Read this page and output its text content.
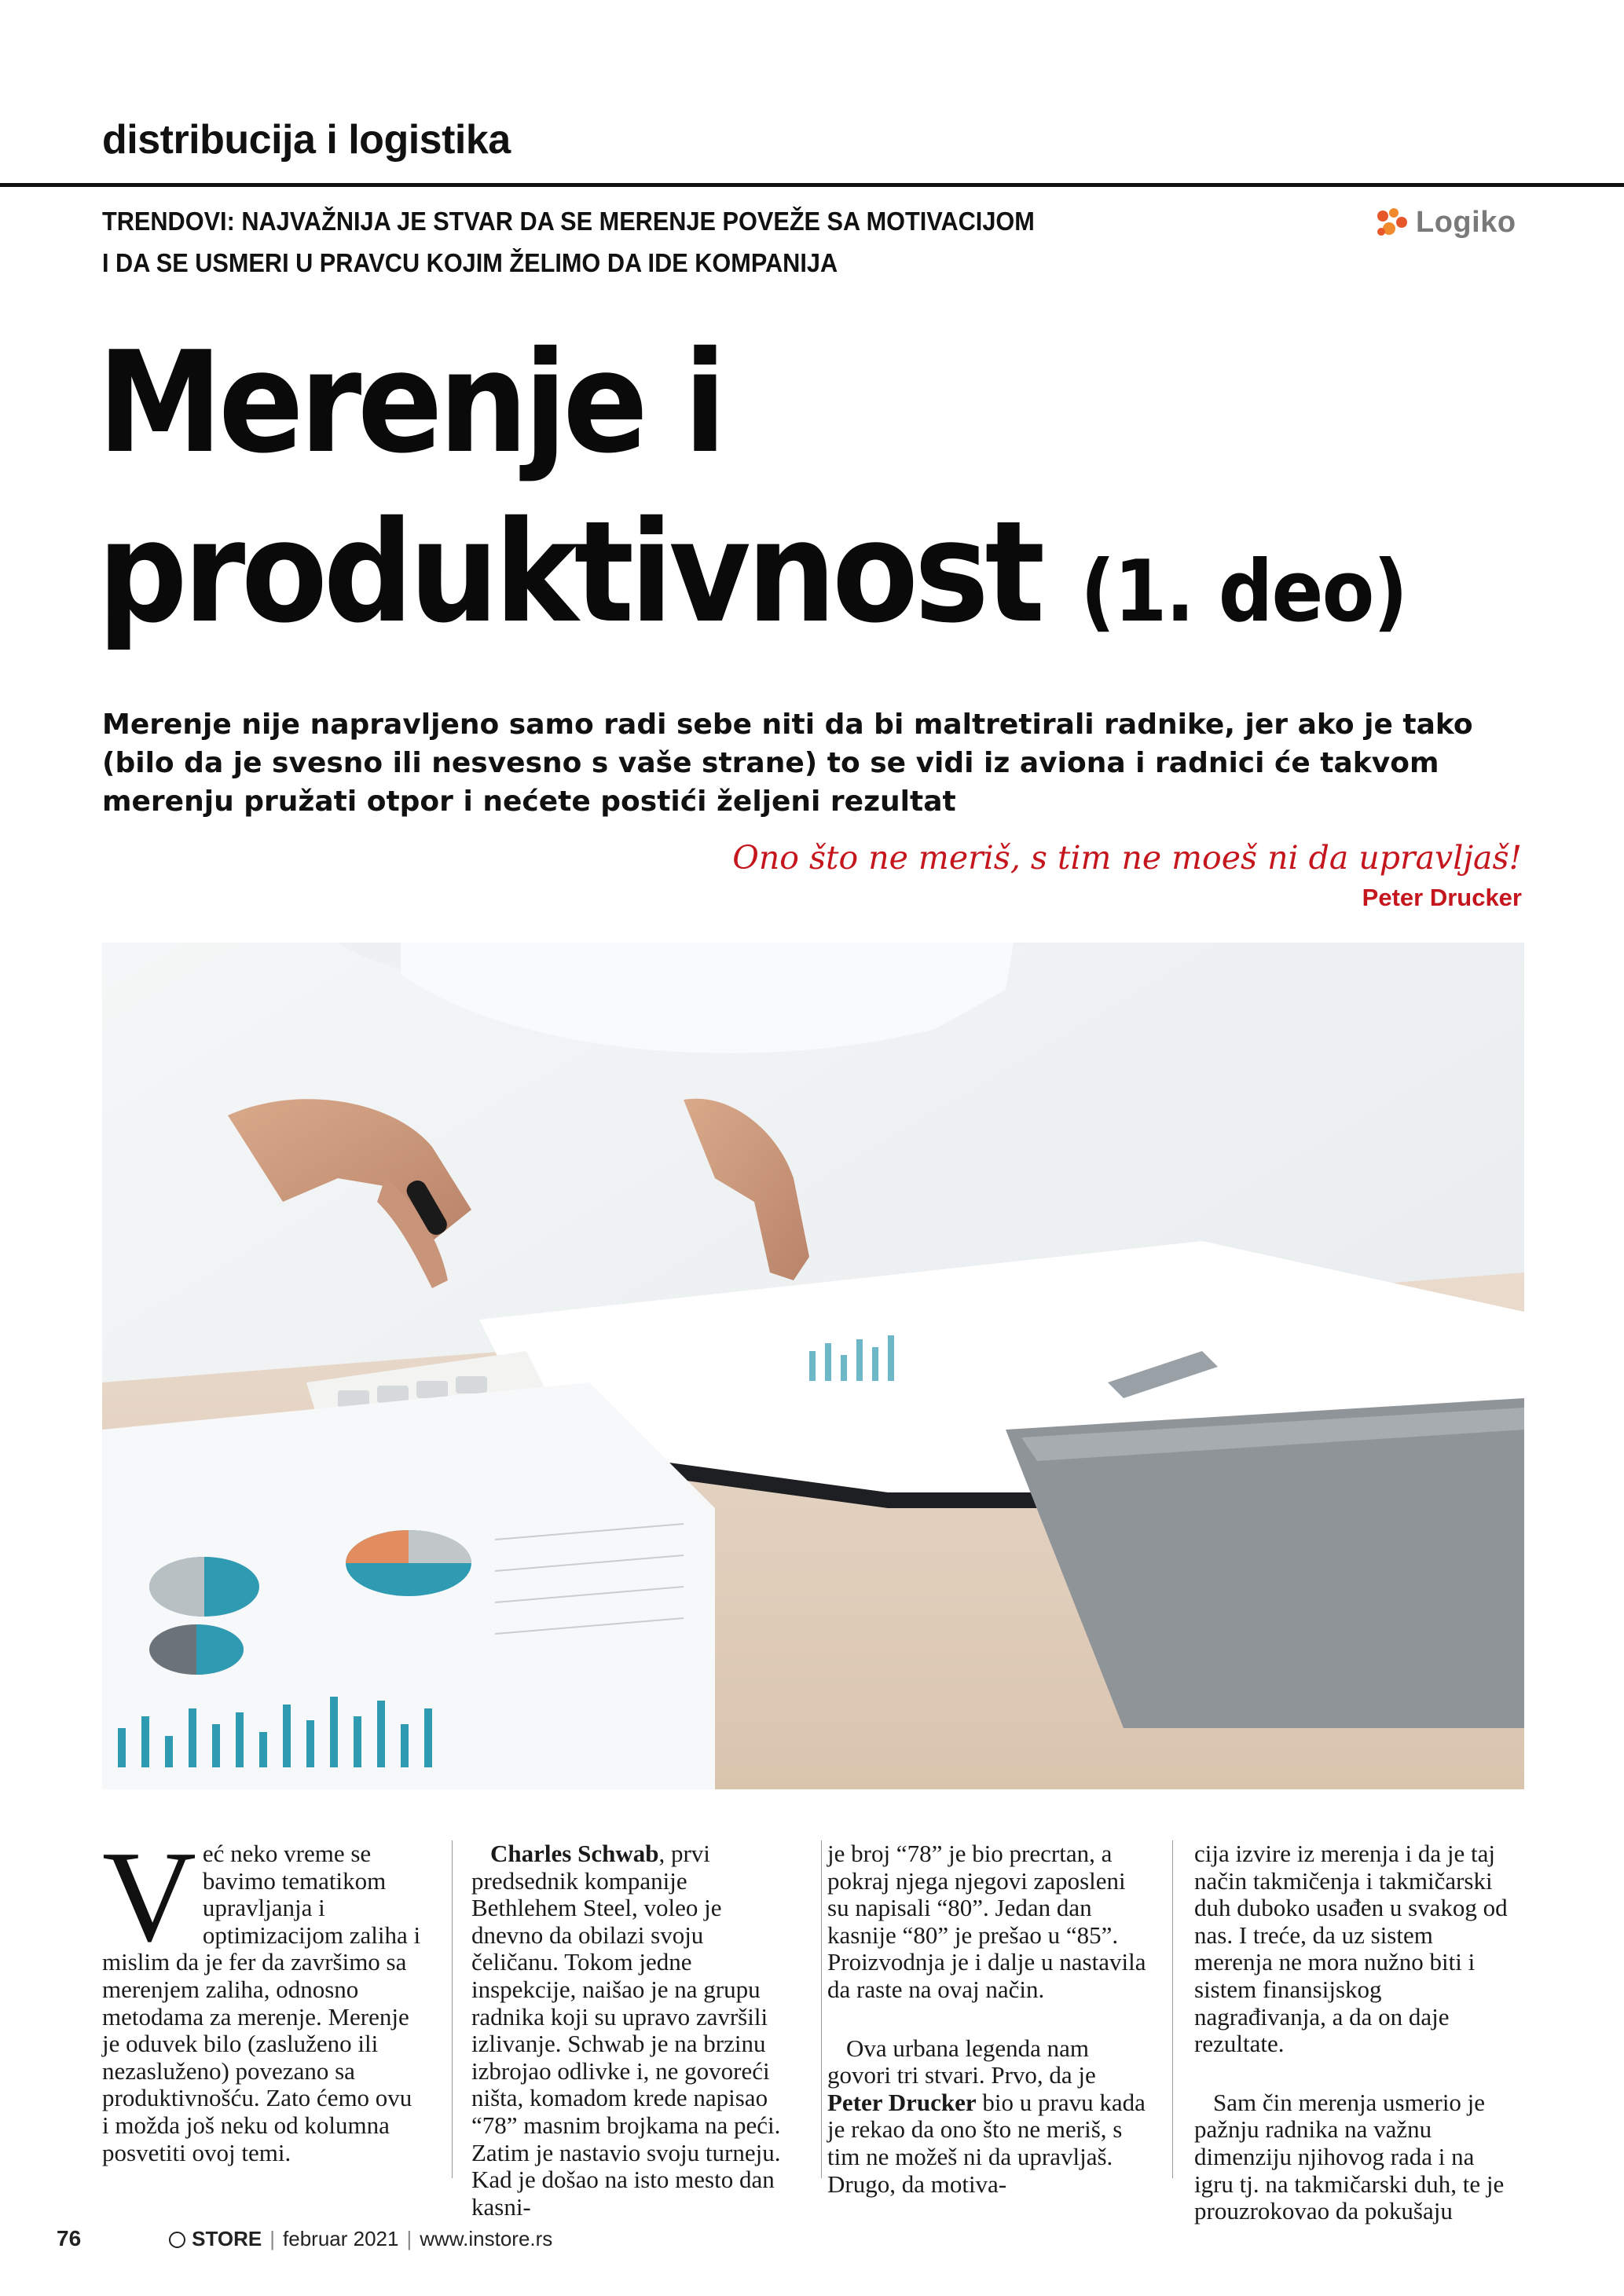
distribucija i logistika
TRENDOVI: NAJVAŽNIJA JE STVAR DA SE MERENJE POVEŽE SA MOTIVACIJOM
I DA SE USMERI U PRAVCU KOJIM ŽELIMO DA IDE KOMPANIJA
Logiko
Merenje i
produktivnost (1. deo)
Merenje nije napravljeno samo radi sebe niti da bi maltretirali radnike, jer ako je tako (bilo da je svesno ili nesvesno s vaše strane) to se vidi iz aviona i radnici će takvom merenju pružati otpor i nećete postići željeni rezultat
Ono što ne meriš, s tim ne moeš ni da upravljaš!
Peter Drucker
Već neko vreme se bavimo tematikom upravljanja i optimizacijom zaliha i mislim da je fer da završimo sa merenjem zaliha, odnosno metodama za merenje. Merenje je oduvek bilo (zasluženo ili nezasluženo) povezano sa produktivnošću. Zato ćemo ovu i možda još neku od kolumna posvetiti ovoj temi.

Charles Schwab, prvi predsednik kompanije Bethlehem Steel, voleo je dnevno da obilazi svoju čeličanu. Tokom jedne inspekcije, naišao je na grupu radnika koji su upravo završili izlivanje. Schwab je na brzinu izbrojao odlivke i, ne govoreći ništa, komadom krede napisao “78” masnim brojkama na peći. Zatim je nastavio svoju turneju. Kad je došao na isto mesto dan kasni-

je broj “78” je bio precrtan, a pokraj njega njegovi zaposleni su napisali “80”. Jedan dan kasnije “80” je prešao u “85”. Proizvodnja je i dalje u nastavila da raste na ovaj način.

Ova urbana legenda nam govori tri stvari. Prvo, da je Peter Drucker bio u pravu kada je rekao da ono što ne meriš, s tim ne možeš ni da upravljaš. Drugo, da motiva-

cija izvire iz merenja i da je taj način takmičenja i takmičarski duh duboko usađen u svakog od nas. I treće, da uz sistem merenja ne mora nužno biti i sistem finansijskog nagrađivanja, a da on daje rezultate.

Sam čin merenja usmerio je pažnju radnika na važnu dimenziju njihovog rada i na igru tj. na takmičarski duh, te je prouzrokovao da pokušaju

76	STORE | februar 2021 | www.instore.rs
